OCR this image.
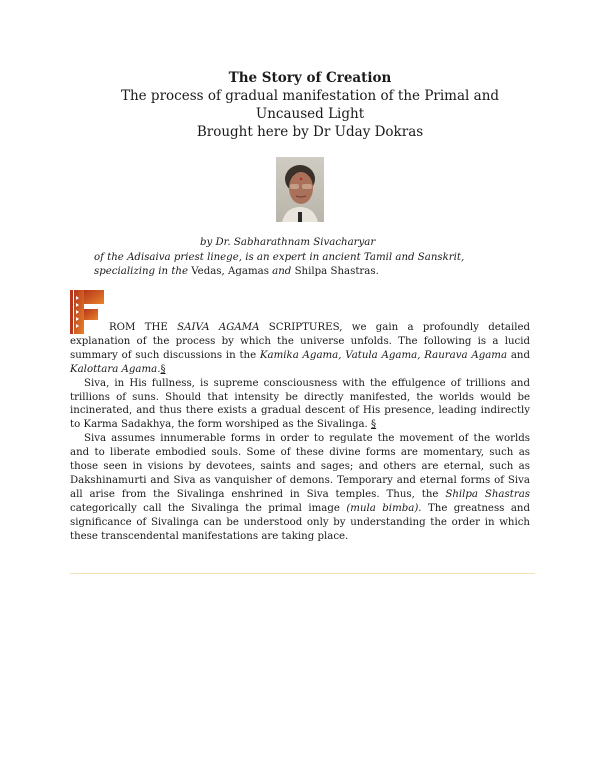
The Story of Creation

The process of gradual manifestation of the Primal and

Uncaused Light

Brought here by Dr Uday Dokras

by Dr. Sabharathnam Sivacharyar
of the Adisaiva priest linege, is an expert in ancient Tamil and Sanskrit,
specializing in the Vedas, Agamas and Shilpa Shastras.

ROM THE SAIVA AGAMA SCRIPTURES, we gain a profoundly detailed explanation of the process by which the universe unfolds. The following is a lucid summary of such discussions in the Kamika Agama, Vatula Agama, Raurava Agama and Kalottara Agama.§

Siva, in His fullness, is supreme consciousness with the effulgence of trillions and trillions of suns. Should that intensity be directly manifested, the worlds would be incinerated, and thus there exists a gradual descent of His presence, leading indirectly to Karma Sadakhya, the form worshiped as the Sivalinga. §

Siva assumes innumerable forms in order to regulate the movement of the worlds and to liberate embodied souls. Some of these divine forms are momentary, such as those seen in visions by devotees, saints and sages; and others are eternal, such as Dakshinamurti and Siva as vanquisher of demons. Temporary and eternal forms of Siva all arise from the Sivalinga enshrined in Siva temples. Thus, the Shilpa Shastras categorically call the Sivalinga the primal image (mula bimba). The greatness and significance of Sivalinga can be understood only by understanding the order in which these transcendental manifestations are taking place.
